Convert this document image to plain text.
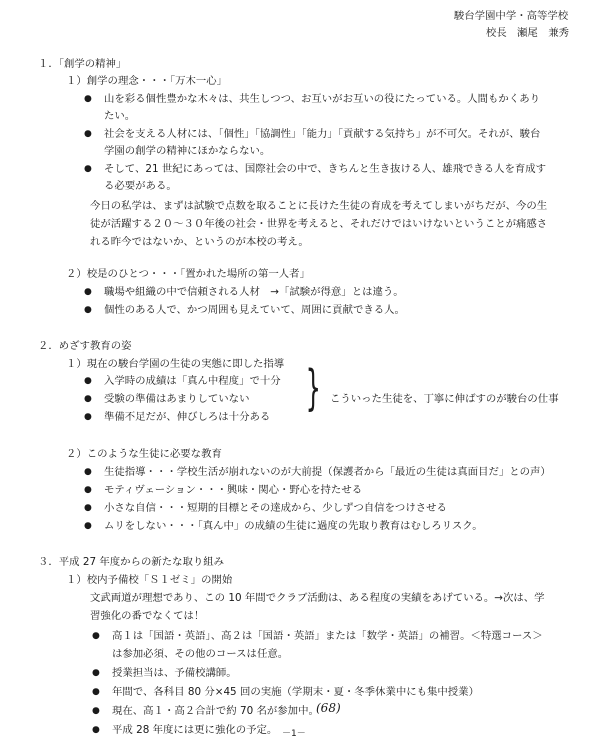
駿台学園中学・高等学校
校長　瀬尾　兼秀
１．「創学の精神」
１）創学の理念・・・「万木一心」
● 山を彩る個性豊かな木々は、共生しつつ、お互いがお互いの役にたっている。人間もかくあり
たい。
● 社会を支える人材には、「個性」「協調性」「能力」「貢献する気持ち」が不可欠。それが、駿台
学園の創学の精神にほかならない。
● そして、21 世紀にあっては、国際社会の中で、きちんと生き抜ける人、雄飛できる人を育成す
る必要がある。
今日の私学は、まずは試験で点数を取ることに長けた生徒の育成を考えてしまいがちだが、今の生
徒が活躍する２０～３０年後の社会・世界を考えると、それだけではいけないということが痛感さ
れる昨今ではないか、というのが本校の考え。
２）校是のひとつ・・・「置かれた場所の第一人者」
● 職場や組織の中で信頼される人材　→「試験が得意」とは違う。
● 個性のある人で、かつ周囲も見えていて、周囲に貢献できる人。
２．めざす教育の姿
１）現在の駿台学園の生徒の実態に即した指導
● 入学時の成績は「真ん中程度」で十分
● 受験の準備はあまりしていない
● 準備不足だが、伸びしろは十分ある
} こういった生徒を、丁寧に伸ばすのが駿台の仕事
２）このような生徒に必要な教育
● 生徒指導・・・学校生活が崩れないのが大前提（保護者から「最近の生徒は真面目だ」との声）
● モティヴェーション・・・興味・関心・野心を持たせる
● 小さな自信・・・短期的目標とその達成から、少しずつ自信をつけさせる
● ムリをしない・・・「真ん中」の成績の生徒に過度の先取り教育はむしろリスク。
３．平成 27 年度からの新たな取り組み
１）校内予備校「Ｓ１ゼミ」の開始
文武両道が理想であり、この 10 年間でクラブ活動は、ある程度の実績をあげている。→次は、学
習強化の番でなくては！
● 高１は「国語・英語」、高２は「国語・英語」または「数学・英語」の補習。＜特選コース＞
は参加必須、その他のコースは任意。
● 授業担当は、予備校講師。
● 年間で、各科目 80 分×45 回の実施（学期末・夏・冬季休業中にも集中授業）
● 現在、高１・高２合計で約 70 名が参加中。
(68)
● 平成 28 年度には更に強化の予定。 －1－
